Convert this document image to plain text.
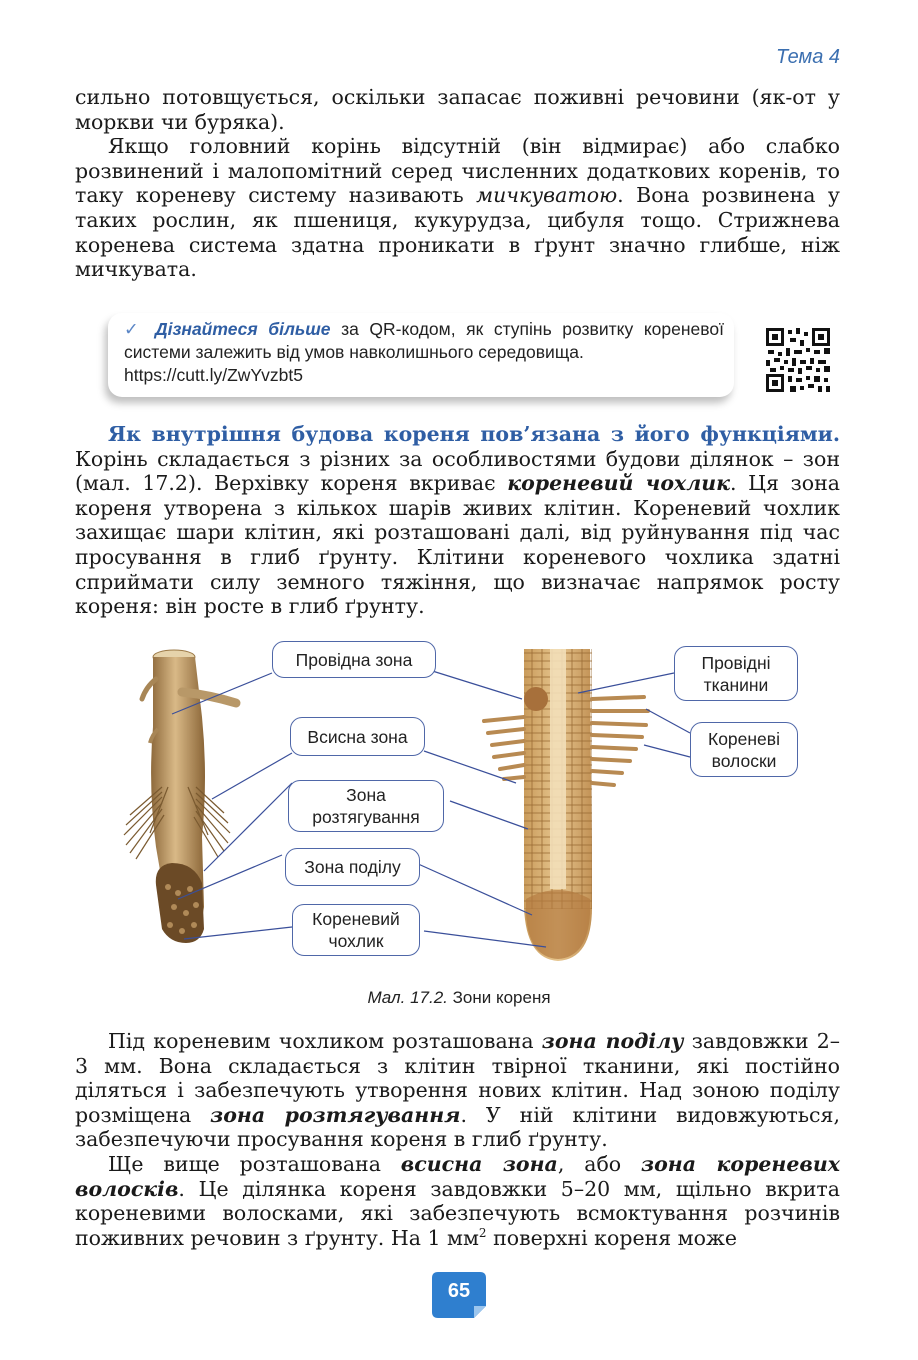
Тема 4

сильно потовщується, оскільки запасає поживні речовини (як-от у моркви чи буряка).

Якщо головний корінь відсутній (він відмирає) або слабко розвинений і малопомітний серед численних додаткових коренів, то таку кореневу систему називають мичкуватою. Вона розвинена у таких рослин, як пшениця, кукурудза, цибуля тощо. Стрижнева коренева система здатна проникати в ґрунт значно глибше, ніж мичкувата.

✓ Дізнайтеся більше за QR-кодом, як ступінь розвитку кореневої системи залежить від умов навколишнього середовища.
https://cutt.ly/ZwYvzbt5

Як внутрішня будова кореня пов’язана з його функціями. Корінь складається з різних за особливостями будови ділянок – зон (мал. 17.2). Верхівку кореня вкриває кореневий чохлик. Ця зона кореня утворена з кількох шарів живих клітин. Кореневий чохлик захищає шари клітин, які розташовані далі, від руйнування під час просування в глиб ґрунту. Клітини кореневого чохлика здатні сприймати силу земного тяжіння, що визначає напрямок росту кореня: він росте в глиб ґрунту.

Провідна зона
Всисна зона
Зона
розтягування
Зона поділу
Кореневий
чохлик
Провідні
тканини
Кореневі
волоски
Мал. 17.2. Зони кореня

Під кореневим чохликом розташована зона поділу завдовжки 2–3 мм. Вона складається з клітин твірної тканини, які постійно діляться і забезпечують утворення нових клітин. Над зоною поділу розміщена зона розтягування. У ній клітини видовжуються, забезпечуючи просування кореня в глиб ґрунту.

Ще вище розташована всисна зона, або зона кореневих волосків. Це ділянка кореня завдовжки 5–20 мм, щільно вкрита кореневими волосками, які забезпечують всмоктування розчинів поживних речовин з ґрунту. На 1 $мм^2$ поверхні кореня може

65
